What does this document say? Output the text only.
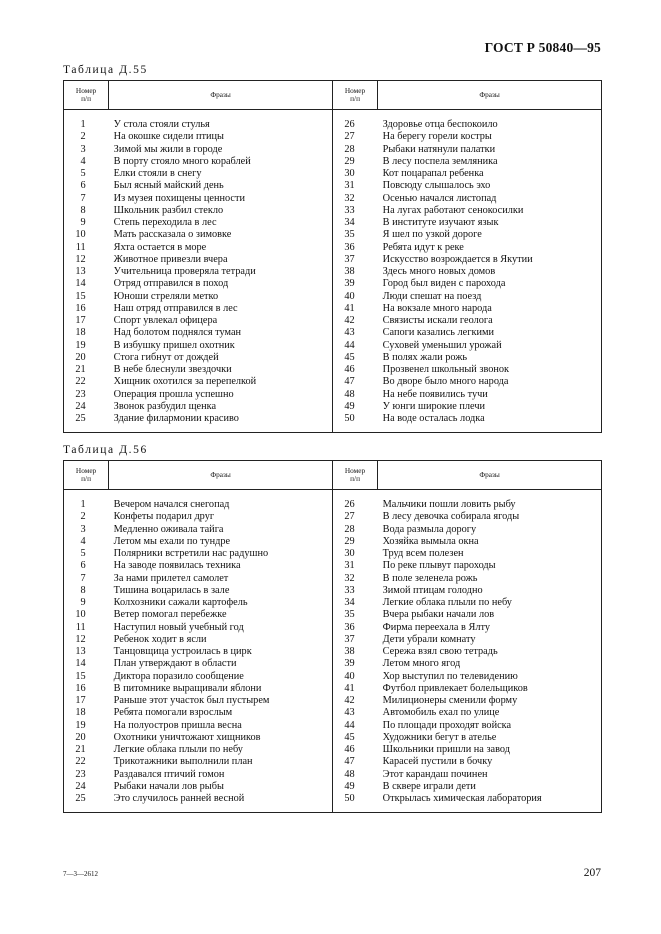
ГОСТ Р 50840—95
Таблица Д.55
Номер
п/п	Фразы	Номер
п/п	Фразы

1	У стола стояли стулья	26	Здоровье отца беспокоило
2	На окошке сидели птицы	27	На берегу горели костры
3	Зимой мы жили в городе	28	Рыбаки натянули палатки
4	В порту стояло много кораблей	29	В лесу поспела земляника
5	Елки стояли в снегу	30	Кот поцарапал ребенка
6	Был ясный майский день	31	Повсюду слышалось эхо
7	Из музея похищены ценности	32	Осенью начался листопад
8	Школьник разбил стекло	33	На лугах работают сенокосилки
9	Степь переходила в лес	34	В институте изучают язык
10	Мать рассказала о зимовке	35	Я шел по узкой дороге
11	Яхта остается в море	36	Ребята идут к реке
12	Животное привезли вчера	37	Искусство возрождается в Якутии
13	Учительница проверяла тетради	38	Здесь много новых домов
14	Отряд отправился в поход	39	Город был виден с парохода
15	Юноши стреляли метко	40	Люди спешат на поезд
16	Наш отряд отправился в лес	41	На вокзале много народа
17	Спорт увлекал офицера	42	Связисты искали геолога
18	Над болотом поднялся туман	43	Сапоги казались легкими
19	В избушку пришел охотник	44	Суховей уменьшил урожай
20	Стога гибнут от дождей	45	В полях жали рожь
21	В небе блеснули звездочки	46	Прозвенел школьный звонок
22	Хищник охотился за перепелкой	47	Во дворе было много народа
23	Операция прошла успешно	48	На небе появились тучи
24	Звонок разбудил щенка	49	У юнги широкие плечи
25	Здание филармонии красиво	50	На воде осталась лодка

Таблица Д.56
Номер
п/п	Фразы	Номер
п/п	Фразы

1	Вечером начался снегопад	26	Мальчики пошли ловить рыбу
2	Конфеты подарил друг	27	В лесу девочка собирала ягоды
3	Медленно оживала тайга	28	Вода размыла дорогу
4	Летом мы ехали по тундре	29	Хозяйка вымыла окна
5	Полярники встретили нас радушно	30	Труд всем полезен
6	На заводе появилась техника	31	По реке плывут пароходы
7	За нами прилетел самолет	32	В поле зеленела рожь
8	Тишина воцарилась в зале	33	Зимой птицам голодно
9	Колхозники сажали картофель	34	Легкие облака плыли по небу
10	Ветер помогал перебежке	35	Вчера рыбаки начали лов
11	Наступил новый учебный год	36	Фирма переехала в Ялту
12	Ребенок ходит в ясли	37	Дети убрали комнату
13	Танцовщица устроилась в цирк	38	Сережа взял свою тетрадь
14	План утверждают в области	39	Летом много ягод
15	Диктора поразило сообщение	40	Хор выступил по телевидению
16	В питомнике выращивали яблони	41	Футбол привлекает болельщиков
17	Раньше этот участок был пустырем	42	Милиционеры сменили форму
18	Ребята помогали взрослым	43	Автомобиль ехал по улице
19	На полуостров пришла весна	44	По площади проходят войска
20	Охотники уничтожают хищников	45	Художники бегут в ателье
21	Легкие облака плыли по небу	46	Школьники пришли на завод
22	Трикотажники выполнили план	47	Карасей пустили в бочку
23	Раздавался птичий гомон	48	Этот карандаш починен
24	Рыбаки начали лов рыбы	49	В сквере играли дети
25	Это случилось ранней весной	50	Открылась химическая лаборатория

7—3—2612	207
